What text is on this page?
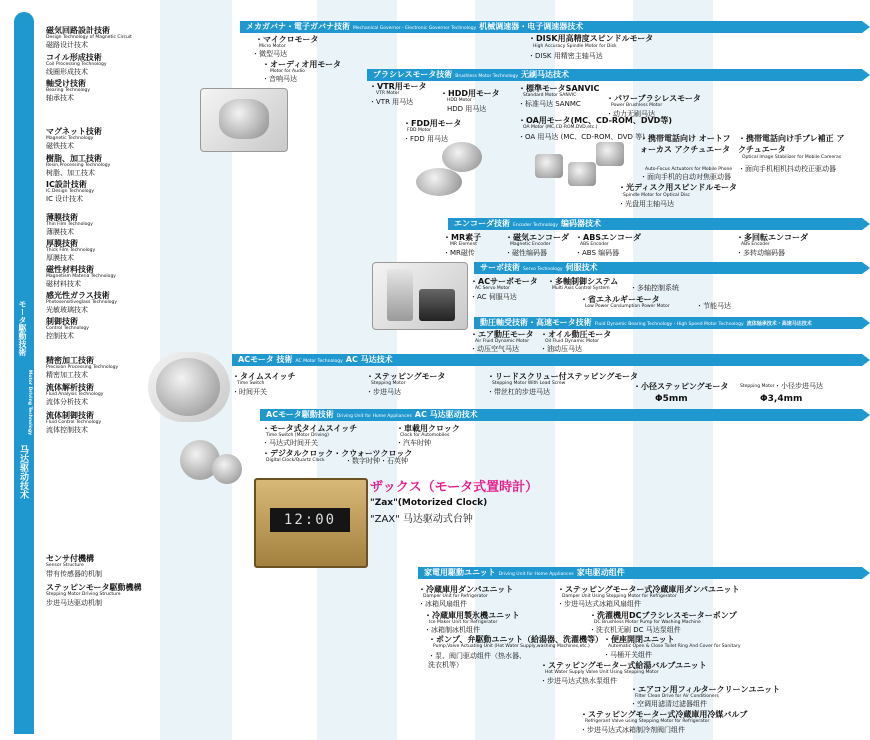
モータ駆動技術
Motor Driving Technology
马达驱动技术
磁気回路設計技術
Design Technology of Magnetic Circuit
磁路设计技术
コイル形成技術
Coil Processing Technology
线圈形成技术
軸受け技術
Bearing Technology
轴承技术
マグネット技術
Magnetic Technology
磁铁技术
樹脂、加工技術
Resin,Processing Technology
树脂、加工技术
IC設計技術
IC Design Technology
IC 设计技术
薄膜技術
Thin Film Technology
薄膜技术
厚膜技術
Thick Film Technology
厚膜技术
磁性材料技術
Magnetism Materia Technology
磁材料技术
感光性ガラス技術
Photosensitiveglass Technology
光敏玻璃技术
制御技術
Control Technology
控制技术
精密加工技術
Precision Processing Technology
精密加工技术
流体解析技術
Fluid Analysis Technology
流体分析技术
流体制御技術
Fluid Control Technology
流体控制技术
センサ付機構
Sensor Structure
带有传感器的机制
ステッピンモータ駆動機構
Stepping Motor Driving Structure
步进马达驱动机制
メカガバナ・電子ガバナ技術 Mechanical Governor・Electronic Governor Technology 机械调速器・电子调速器技术
・マイクロモータ
Micro Motor
・微型马达
・オーディオ用モータ
Motor for Audio
・音响马达
・DISK用高精度スピンドルモータ
High Accuracy Spindle Motor for Disk
・DISK 用精密主轴马达
ブラシレスモータ技術 Brushless Motor Technology 无刷马达技术
・VTR用モータ
VTR Motor
・VTR 用马达
・HDD用モータ
HDD Motor
HDD 用马达
・標準モータSANVIC
Standard Motor SANVIC
・标准马达 SANMC
・パワーブラシレスモータ
Power Brushless Motor
・动力无刷马达
・FDD用モータ
FDD Motor
・FDD 用马达
・OA用モータ(MC、CD-ROM、DVD等)
OA Motor (MC,CD-ROM,DVD,etc.)
・OA 用马达 (MC、CD-ROM、DVD 等)
・携帯電話向け オートフォーカス アクチュエータ
Auto-Focus Actuators for Mobile Phone
・面向手机的自动对焦驱动器
・携帯電話向け手ブレ補正 アクチュエータ
Optical Image Stabilizer for Mobile Cameras
・面向手机相机抖动校正驱动器
・光ディスク用スピンドルモータ
Spindle Motor for Optical Disc
・光盘用主轴马达
エンコーダ技術 Encoder Technology 编码器技术
・MR素子
MR Element
・MR磁传
・磁気エンコーダ
Magnetic Encoder
・磁性编码器
・ABSエンコーダ
ABS Encoder
・ABS 编码器
・多回転エンコーダ
ABS Encoder
・多转动编码器
サーボ技術 Servo Technology 伺服技术
・ACサーボモータ
AC Servo Motor
・AC 伺服马达
・多軸制御システム
Multi Axis Control System	・多轴控制系统
・省エネルギーモータ
Low Power Consumption Power Motor	・节能马达
動圧軸受技術・高速モータ技術 Fluid Dynamic Bearing Technology・High Speed Motor Technology 流体轴承技术・高速马达技术
・エア動圧モータ
Air Fluid Dynamic Motor
・动压空气马达
・オイル動圧モータ
Oil Fluid Dynamic Motor
・油动压马达
ACモータ 技術 AC Motor Technology AC 马达技术
・タイムスイッチ
Time Switch
・时间开关
・ステッピングモータ
Stepping Motor
・步进马达
・リードスクリュー付ステッピングモータ
Stepping Motor With Lead Screw
・带丝杠的步进马达
・小径ステッピングモータ	Stepping Motor ・小径步进马达
Φ5mm	Φ3,4mm
ACモータ駆動技術 Driving Unit for Home Appliances AC 马达驱动技术
・モータ式タイムスイッチ
Time Switch (Motor Driving)
・马达式时间开关
・車載用クロック
Clock for Automobiles
・汽车时钟
・デジタルクロック・クウォーツクロック
Digital Clock/Quartz Clock	・数字时钟・石英钟
12:00
ザックス（モータ式置時計）
"Zax"(Motorized Clock)
"ZAX" 马达驱动式台钟
家電用駆動ユニット Driving Unit for Home Appliances 家电驱动组件
・冷蔵庫用ダンパユニット
Damper Unit for Refrigerator
・冰箱风扇组件
・ステッピングモーター式冷蔵庫用ダンパユニット
Damper Unit Using Stepping Motor for Refrigerator
・步进马达式冰箱风扇组件
・冷蔵庫用製氷機ユニット
Ice Maker Unit for Refrigerator
・冰箱制冰机组件
・洗濯機用DCブラシレスモーターポンプ
DC Brushless Motor Pump for Washing Machine
・洗衣机无刷 DC 马达泵组件
・ポンプ、弁駆動ユニット（給湯器、洗濯機等）
Pump,Valve Actuating Unit (Hot Water Supply,washing Machines,etc.)
・泵、阀门驱动组件（热水器、洗衣机等）
・便座開閉ユニット
Automatic Open & Close Toilet Ring And Cover for Sanitary
・马桶开关组件
・ステッピングモーター式給湯バルブユニット
Hot Water Supply Valve Unit Using Stepping Motor
・步进马达式热水泵组件
・エアコン用フィルタークリーンユニット
Filter Clean Drive for Air Conditioners
・空调用滤清过滤器组件
・ステッピングモーター式冷蔵庫用冷媒バルブ
Refrigerant Valve using Stepping Motor for Refrigerator
・步进马达式冰箱制冷剂阀门组件
